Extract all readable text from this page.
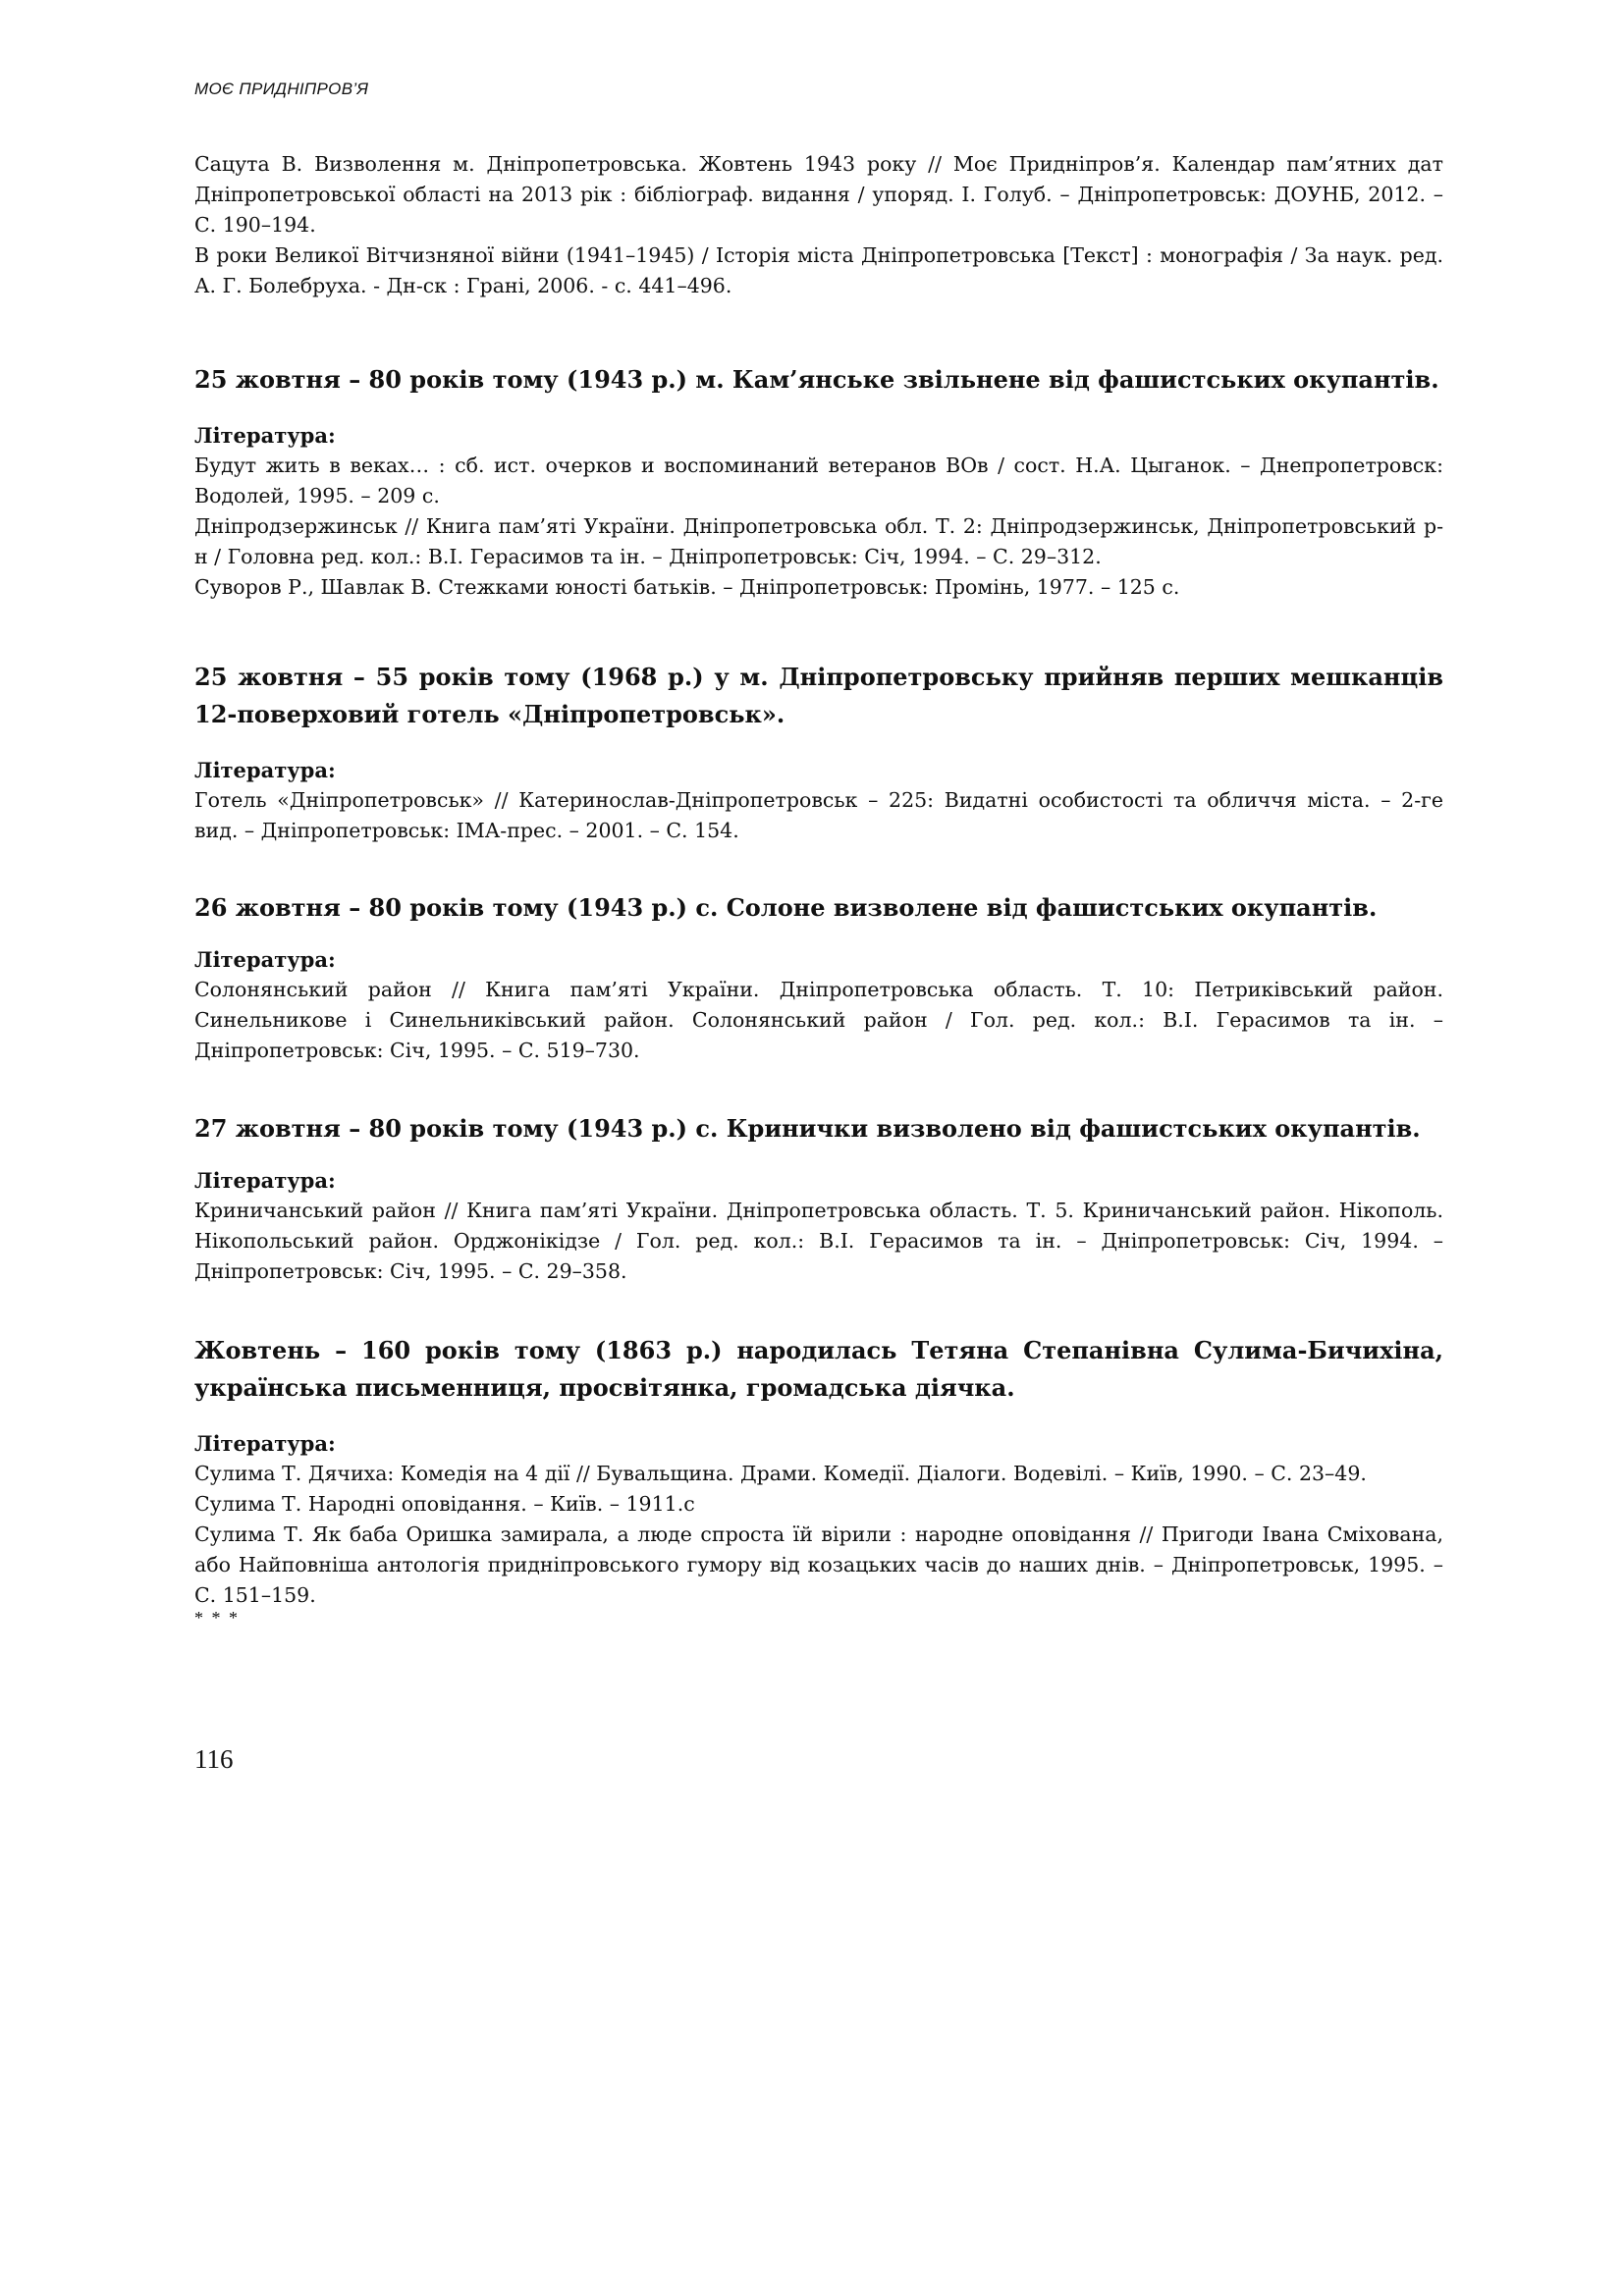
МОЄ ПРИДНІПРОВ’Я

Сацута В. Визволення м. Дніпропетровська. Жовтень 1943 року // Моє Придніпров’я. Календар пам’ятних дат Дніпропетровської області на 2013 рік : бібліограф. видання / упоряд. І. Голуб. – Дніпропетровськ: ДОУНБ, 2012. – С. 190–194.

В роки Великої Вітчизняної війни (1941–1945) / Історія міста Дніпропетровська [Текст] : монографія / За наук. ред. А. Г. Болебруха. - Дн-ск : Грані, 2006. - с. 441–496.

25 жовтня – 80 років тому (1943 р.) м. Кам’янське звільнене від фашистських окупантів.

Література:

Будут жить в веках… : сб. ист. очерков и воспоминаний ветеранов ВОв / сост. Н.А. Цыганок. – Днепропетровск: Водолей, 1995. – 209 с.

Дніпродзержинськ // Книга пам’яті України. Дніпропетровська обл. Т. 2: Дніпродзержинськ, Дніпропетровський р-н / Головна ред. кол.: В.І. Герасимов та ін. – Дніпропетровськ: Січ, 1994. – С. 29–312.

Суворов Р., Шавлак В. Стежками юності батьків. – Дніпропетровськ: Промінь, 1977. – 125 с.

25 жовтня – 55 років тому (1968 р.) у м. Дніпропетровську прийняв перших мешканців 12-поверховий готель «Дніпропетровськ».

Література:

Готель «Дніпропетровськ» // Катеринослав-Дніпропетровськ – 225: Видатні особистості та обличчя міста. – 2-ге вид. – Дніпропетровськ: ІМА-прес. – 2001. – С. 154.

26 жовтня – 80 років тому (1943 р.) с. Солоне визволене від фашистських окупантів.

Література:

Солонянський район // Книга пам’яті України. Дніпропетровська область. Т. 10: Петриківський район. Синельникове і Синельниківський район. Солонянський район / Гол. ред. кол.: В.І. Герасимов та ін. – Дніпропетровськ: Січ, 1995. – С. 519–730.

27 жовтня – 80 років тому (1943 р.) с. Кринички визволено від фашистських окупантів.

Література:

Криничанський район // Книга пам’яті України. Дніпропетровська область. Т. 5. Криничанський район. Нікополь. Нікопольський район. Орджонікідзе / Гол. ред. кол.: В.І. Герасимов та ін. – Дніпропетровськ: Січ, 1994. – Дніпропетровськ: Січ, 1995. – С. 29–358.

Жовтень – 160 років тому (1863 р.) народилась Тетяна Степанівна Сулима-Бичихіна, українська письменниця, просвітянка, громадська діячка.

Література:

Сулима Т. Дячиха: Комедія на 4 дії // Бувальщина. Драми. Комедії. Діалоги. Водевілі. – Київ, 1990. – С. 23–49.

Сулима Т. Народні оповідання. – Київ. – 1911.с

Сулима Т. Як баба Оришка замирала, а люде спроста їй вірили : народне оповідання // Пригоди Івана Сміхована, або Найповніша антологія придніпровського гумору від козацьких часів до наших днів. – Дніпропетровськ, 1995. – С. 151–159.

* * *

116
